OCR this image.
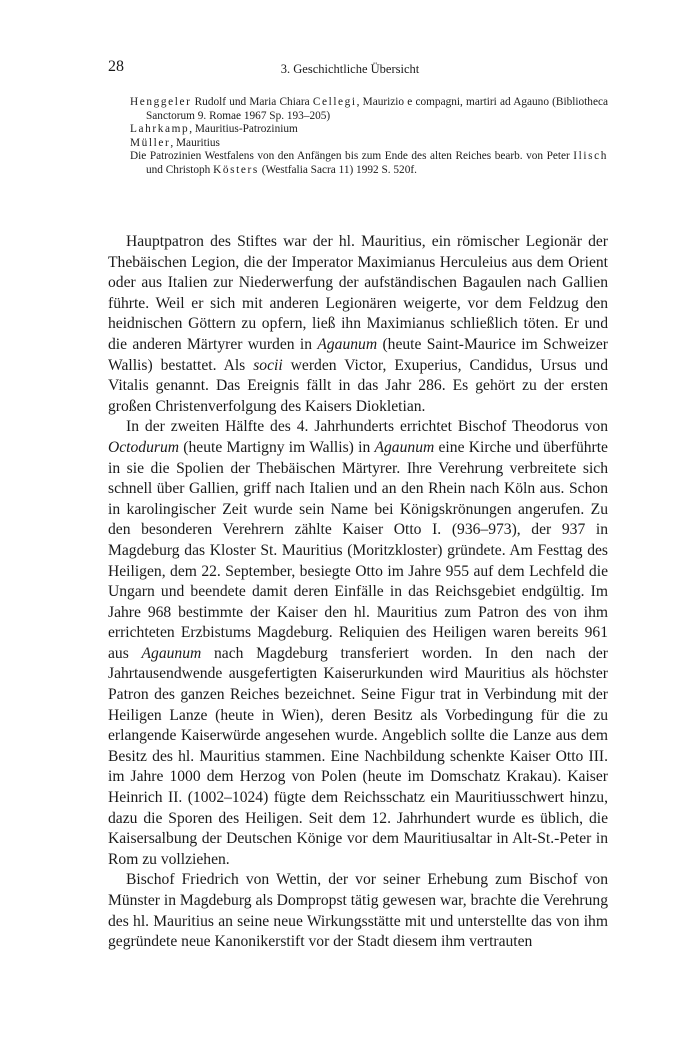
28	3. Geschichtliche Übersicht
Henggeler Rudolf und Maria Chiara Cellegi, Maurizio e compagni, martiri ad Agauno (Bibliotheca Sanctorum 9. Romae 1967 Sp. 193–205)
Lahrkamp, Mauritius-Patrozinium
Müller, Mauritius
Die Patrozinien Westfalens von den Anfängen bis zum Ende des alten Reiches bearb. von Peter Ilisch und Christoph Kösters (Westfalia Sacra 11) 1992 S. 520f.

Hauptpatron des Stiftes war der hl. Mauritius, ein römischer Legionär der Thebäischen Legion, die der Imperator Maximianus Herculeius aus dem Orient oder aus Italien zur Niederwerfung der aufständischen Bagaulen nach Gallien führte. Weil er sich mit anderen Legionären weigerte, vor dem Feldzug den heidnischen Göttern zu opfern, ließ ihn Maximianus schließlich töten. Er und die anderen Märtyrer wurden in Agaunum (heute Saint-Maurice im Schweizer Wallis) bestattet. Als socii werden Victor, Exuperius, Candidus, Ursus und Vitalis genannt. Das Ereignis fällt in das Jahr 286. Es gehört zu der ersten großen Christenverfolgung des Kaisers Diokletian.

In der zweiten Hälfte des 4. Jahrhunderts errichtet Bischof Theodorus von Octodurum (heute Martigny im Wallis) in Agaunum eine Kirche und überführte in sie die Spolien der Thebäischen Märtyrer. Ihre Verehrung verbreitete sich schnell über Gallien, griff nach Italien und an den Rhein nach Köln aus. Schon in karolingischer Zeit wurde sein Name bei Königskrönungen angerufen. Zu den besonderen Verehrern zählte Kaiser Otto I. (936–973), der 937 in Magdeburg das Kloster St. Mauritius (Moritzkloster) gründete. Am Festtag des Heiligen, dem 22. September, besiegte Otto im Jahre 955 auf dem Lechfeld die Ungarn und beendete damit deren Einfälle in das Reichsgebiet endgültig. Im Jahre 968 bestimmte der Kaiser den hl. Mauritius zum Patron des von ihm errichteten Erzbistums Magdeburg. Reliquien des Heiligen waren bereits 961 aus Agaunum nach Magdeburg transferiert worden. In den nach der Jahrtausendwende ausgefertigten Kaiserurkunden wird Mauritius als höchster Patron des ganzen Reiches bezeichnet. Seine Figur trat in Verbindung mit der Heiligen Lanze (heute in Wien), deren Besitz als Vorbedingung für die zu erlangende Kaiserwürde angesehen wurde. Angeblich sollte die Lanze aus dem Besitz des hl. Mauritius stammen. Eine Nachbildung schenkte Kaiser Otto III. im Jahre 1000 dem Herzog von Polen (heute im Domschatz Krakau). Kaiser Heinrich II. (1002–1024) fügte dem Reichsschatz ein Mauritiusschwert hinzu, dazu die Sporen des Heiligen. Seit dem 12. Jahrhundert wurde es üblich, die Kaisersalbung der Deutschen Könige vor dem Mauritiusaltar in Alt-St.-Peter in Rom zu vollziehen.

Bischof Friedrich von Wettin, der vor seiner Erhebung zum Bischof von Münster in Magdeburg als Dompropst tätig gewesen war, brachte die Verehrung des hl. Mauritius an seine neue Wirkungsstätte mit und unterstellte das von ihm gegründete neue Kanonikerstift vor der Stadt diesem ihm vertrauten
